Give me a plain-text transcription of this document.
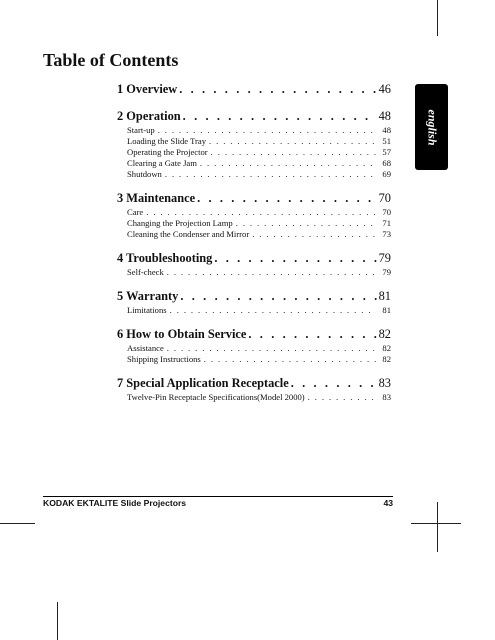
Table of Contents
english
1 Overview . . .	46
2 Operation . . .	48
Start-up . . .	48
Loading the Slide Tray . . .	51
Operating the Projector . . .	57
Clearing a Gate Jam . . .	68
Shutdown . . .	69
3 Maintenance . . .	70
Care . . .	70
Changing the Projection Lamp . . .	71
Cleaning the Condenser and Mirror . . .	73
4 Troubleshooting . . .	79
Self-check . . .	79
5 Warranty . . .	81
Limitations . . .	81
6 How to Obtain Service . . .	82
Assistance . . .	82
Shipping Instructions . . .	82
7 Special Application Receptacle . . .	83
Twelve-Pin Receptacle Specifications(Model 2000) . . .	83
KODAK EKTALITE Slide Projectors	43
